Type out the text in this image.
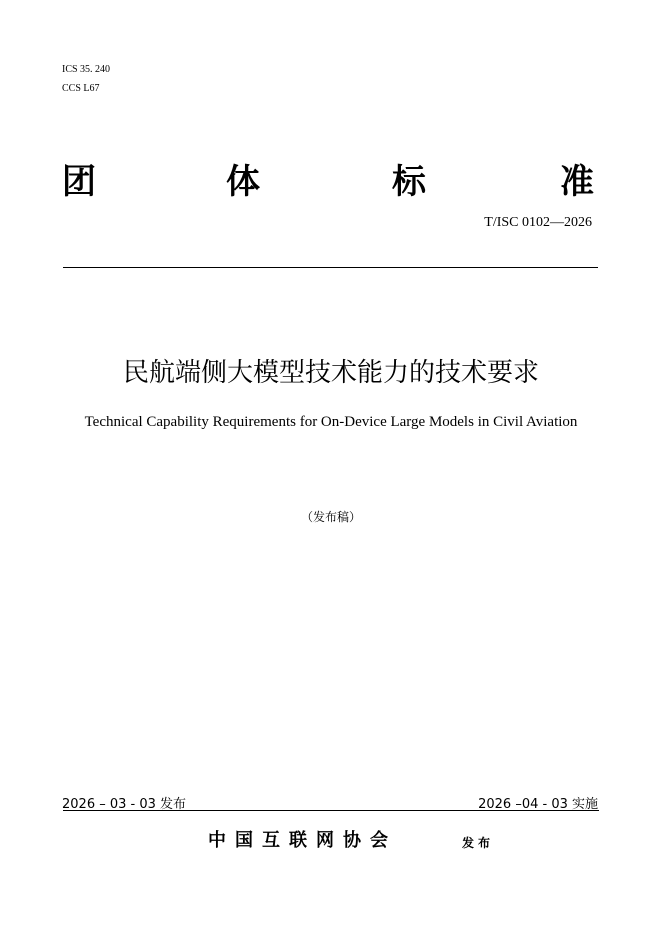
ICS 35. 240
CCS L67
团	体	标	准
T/ISC 0102—2026
民航端侧大模型技术能力的技术要求
Technical Capability Requirements for On-Device Large Models in Civil Aviation
（发布稿）
2026 – 03 - 03 发布	2026 –04 - 03 实施
中国互联网协会	发布
